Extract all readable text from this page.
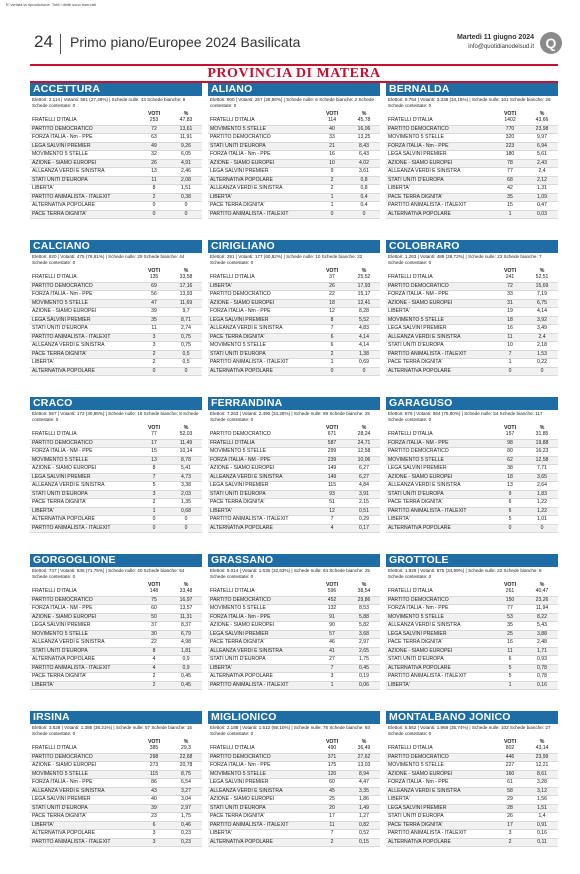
E' vietata la riproduzione. Tutti i diritti sono riservati
24 Primo piano/Europee 2024 Basilicata	Martedì 11 giugno 2024
info@quotidianodelsud.it Q
PROVINCIA DI MATERA
ACCETTURA
Elettori: 2.114 | Votanti: 581 (27,48%) | Schede nulle: 43 Schede bianche: 9 Schede contestate: 0
VOTI	%
FRATELLI D'ITALIA	253	47,83
PARTITO DEMOCRATICO	72	13,61
FORZA ITALIA - Nm - PPE	63	11,91
LEGA SALVINI PREMIER	49	9,26
MOVIMENTO 5 STELLE	32	6,05
AZIONE - SIAMO EUROPEI	26	4,91
ALLEANZA VERDI E SINISTRA	13	2,46
STATI UNITI D'EUROPA	11	2,08
LIBERTA'	8	1,51
PARTITO ANIMALISTA - ITALEXIT	2	0,38
ALTERNATIVA POPOLARE	0	0
PACE TERRA DIGNITA'	0	0
ALIANO
Elettori: 900 | Votanti: 257 (28,56%) | Schede nulle: 6 Schede bianche: 2 Schede contestate: 0
VOTI	%
FRATELLI D'ITALIA	114	45,78
MOVIMENTO 5 STELLE	40	16,06
PARTITO DEMOCRATICO	33	13,25
STATI UNITI D'EUROPA	21	8,43
FORZA ITALIA - Nm - PPE	16	6,43
AZIONE - SIAMO EUROPEI	10	4,02
LEGA SALVINI PREMIER	9	3,61
ALTERNATIVA POPOLARE	2	0,8
ALLEANZA VERDI E SINISTRA	2	0,8
LIBERTA'	1	0,4
PACE TERRA DIGNITA'	1	0,4
PARTITO ANIMALISTA - ITALEXIT	0	0
BERNALDA
Elettori: 9.764 | Votanti: 3.338 (34,18%) | Schede nulle: 101 Schede bianche: 26 Schede contestate: 0
VOTI	%
FRATELLI D'ITALIA	1402	43,66
PARTITO DEMOCRATICO	770	23,98
MOVIMENTO 5 STELLE	320	9,97
FORZA ITALIA - Nm - PPE	223	6,94
LEGA SALVINI PREMIER	180	5,61
AZIONE - SIAMO EUROPEI	78	2,43
ALLEANZA VERDI E SINISTRA	77	2,4
STATI UNITI D'EUROPA	68	2,12
LIBERTA'	42	1,31
PACE TERRA DIGNITA'	35	1,09
PARTITO ANIMALISTA - ITALEXIT	15	0,47
ALTERNATIVA POPOLARE	1	0,03
CALCIANO
Elettori: 620 | Votanti: 475 (76,61%) | Schede nulle: 29 Schede bianche: 44 Schede contestate: 0
VOTI	%
FRATELLI D'ITALIA	135	33,58
PARTITO DEMOCRATICO	69	17,16
FORZA ITALIA - Nm - PPE	56	13,93
MOVIMENTO 5 STELLE	47	11,69
AZIONE - SIAMO EUROPEI	39	9,7
LEGA SALVINI PREMIER	35	8,71
STATI UNITI D'EUROPA	11	2,74
PARTITO ANIMALISTA - ITALEXIT	3	0,75
ALLEANZA VERDI E SINISTRA	3	0,75
PACE TERRA DIGNITA'	2	0,5
LIBERTA'	2	0,5
ALTERNATIVA POPOLARE	0	0
CIRIGLIANO
Elettori: 291 | Votanti: 177 (60,82%) | Schede nulle: 10 Schede bianche: 22 Schede contestate: 0
VOTI	%
FRATELLI D'ITALIA	37	25,52
LIBERTA'	26	17,93
PARTITO DEMOCRATICO	22	15,17
AZIONE - SIAMO EUROPEI	18	12,41
FORZA ITALIA - Nm - PPE	12	8,28
LEGA SALVINI PREMIER	8	5,52
ALLEANZA VERDI E SINISTRA	7	4,83
PACE TERRA DIGNITA'	6	4,14
MOVIMENTO 5 STELLE	6	4,14
STATI UNITI D'EUROPA	2	1,38
PARTITO ANIMALISTA - ITALEXIT	1	0,69
ALTERNATIVA POPOLARE	0	0
COLOBRARO
Elettori: 1.263 | Votanti: 489 (38,72%) | Schede nulle: 23 Schede bianche: 7 Schede contestate: 0
VOTI	%
FRATELLI D'ITALIA	241	52,51
PARTITO DEMOCRATICO	72	15,69
FORZA ITALIA - NM - PPE	33	7,19
AZIONE - SIAMO EUROPEI	31	6,75
LIBERTA'	19	4,14
MOVIMENTO 5 STELLE	18	3,92
LEGA SALVINI PREMIER	16	3,49
ALLEANZA VERDI E SINISTRA	11	2,4
STATI UNITI D'EUROPA	10	2,18
PARTITO ANIMALISTA - ITALEXIT	7	1,53
PACE TERRA DIGNITA'	1	0,22
ALTERNATIVA POPOLARE	0	0
CRACO
Elettori: 557 | Votanti: 172 (30,88%) | Schede nulle: 16 Schede bianche: 8 Schede contestate: 0
VOTI	%
FRATELLI D'ITALIA	77	52,03
PARTITO DEMOCRATICO	17	11,49
FORZA ITALIA - NM - PPE	15	10,14
MOVIMENTO 5 STELLE	13	8,78
AZIONE - SIAMO EUROPEI	8	5,41
LEGA SALVINI PREMIER	7	4,73
ALLEANZA VERDI E SINISTRA	5	3,38
STATI UNITI D'EUROPA	3	2,03
PACE TERRA DIGNITA'	2	1,35
LIBERTA'	1	0,68
ALTERNATIVA POPOLARE	0	0
PARTITO ANIMALISTA - ITALEXIT	0	0
FERRANDINA
Elettori: 7.263 | Votanti: 2.490 (34,28%) | Schede nulle: 89 Schede bianche: 25 Schede contestate: 0
VOTI	%
PARTITO DEMOCRATICO	671	28,24
FRATELLI D'ITALIA	587	24,71
MOVIMENTO 5 STELLE	299	12,58
FORZA ITALIA - NM - PPE	239	10,06
AZIONE - SIAMO EUROPEI	149	6,27
ALLEANZA VERDI E SINISTRA	149	6,27
LEGA SALVINI PREMIER	115	4,84
STATI UNITI D'EUROPA	93	3,91
PACE TERRA DIGNITA'	51	2,15
LIBERTA'	12	0,51
PARTITO ANIMALISTA - ITALEXIT	7	0,29
ALTERNATIVA POPOLARE	4	0,17
GARAGUSO
Elettori: 876 | Votanti: 664 (75,80%) | Schede nulle: 54 Schede bianche: 117 Schede contestate: 0
VOTI	%
FRATELLI D'ITALIA	157	31,85
FORZA ITALIA - NM - PPE	98	19,88
PARTITO DEMOCRATICO	80	16,23
MOVIMENTO 5 STELLE	62	12,58
LEGA SALVINI PREMIER	38	7,71
AZIONE - SIAMO EUROPEI	18	3,65
ALLEANZA VERDI E SINISTRA	13	2,64
STATI UNITI D'EUROPA	9	1,83
PACE TERRA DIGNITA'	6	1,22
PARTITO ANIMALISTA - ITALEXIT	6	1,22
LIBERTA'	5	1,01
ALTERNATIVA POPOLARE	0	0
GORGOGLIONE
Elettori: 747 | Votanti: 536 (71,75%) | Schede nulle: 40 Schede bianche: 54 Schede contestate: 0
VOTI	%
FRATELLI D'ITALIA	148	33,48
PARTITO DEMOCRATICO	75	16,97
FORZA ITALIA - NM - PPE	60	13,57
AZIONE - SIAMO EUROPEI	50	11,31
LEGA SALVINI PREMIER	37	8,37
MOVIMENTO 5 STELLE	30	6,79
ALLEANZA VERDI E SINISTRA	22	4,98
STATI UNITI D'EUROPA	8	1,81
ALTERNATIVA POPOLARE	4	0,9
PARTITO ANIMALISTA - ITALEXIT	4	0,9
PACE TERRA DIGNITA'	2	0,45
LIBERTA'	2	0,45
GRASSANO
Elettori: 5.014 | Votanti: 1.636 (32,63%) | Schede nulle: 64 Schede bianche: 25 Schede contestate: 0
VOTI	%
FRATELLI D'ITALIA	596	38,54
PARTITO DEMOCRATICO	452	29,86
MOVIMENTO 5 STELLE	132	8,53
FORZA ITALIA - Nm - PPE	91	5,88
AZIONE - SIAMO EUROPEI	90	5,82
LEGA SALVINI PREMIER	57	3,68
PACE TERRA DIGNITA'	46	2,97
ALLEANZA VERDI E SINISTRA	41	2,65
STATI UNITI D'EUROPA	27	1,75
LIBERTA'	7	0,45
ALTERNATIVA POPOLARE	3	0,19
PARTITO ANIMALISTA - ITALEXIT	1	0,06
GROTTOLE
Elettori: 1.929 | Votanti: 675 (34,99%) | Schede nulle: 22 Schede bianche: 8 Schede contestate: 0
VOTI	%
FRATELLI D'ITALIA	261	40,47
PARTITO DEMOCRATICO	150	23,26
FORZA ITALIA - Nm - PPE	77	11,94
MOVIMENTO 5 STELLE	53	8,22
ALLEANZA VERDI E SINISTRA	35	5,43
LEGA SALVINI PREMIER	25	3,88
PACE TERRA DIGNITA'	16	2,48
AZIONE - SIAMO EUROPEI	11	1,71
STATI UNITI D'EUROPA	6	0,93
ALTERNATIVA POPOLARE	5	0,78
PARTITO ANIMALISTA - ITALEXIT	5	0,78
LIBERTA'	1	0,16
IRSINA
Elettori: 3.828 | Votanti: 1.386 (36,21%) | Schede nulle: 57 Schede bianche: 15 Schede contestate: 0
VOTI	%
FRATELLI D'ITALIA	385	29,3
PARTITO DEMOCRATICO	298	22,68
AZIONE - SIAMO EUROPEI	273	20,78
MOVIMENTO 5 STELLE	115	8,75
FORZA ITALIA - Nm - PPE	86	6,54
ALLEANZA VERDI E SINISTRA	43	3,27
LEGA SALVINI PREMIER	40	3,04
STATI UNITI D'EUROPA	39	2,97
PACE TERRA DIGNITA'	23	1,75
LIBERTA'	6	0,46
ALTERNATIVA POPOLARE	3	0,23
PARTITO ANIMALISTA - ITALEXIT	3	0,23
MIGLIONICO
Elettori: 2.188 | Votanti: 1.512 (69,10%) | Schede nulle: 76 Schede bianche: 93 Schede contestate: 0
VOTI	%
FRATELLI D'ITALIA	490	36,49
PARTITO DEMOCRATICO	371	27,62
FORZA ITALIA - Nm - PPE	175	13,03
MOVIMENTO 5 STELLE	120	8,94
LEGA SALVINI PREMIER	60	4,47
ALLEANZA VERDI E SINISTRA	45	3,35
AZIONE - SIAMO EUROPEI	25	1,86
STATI UNITI D'EUROPA	20	1,49
PACE TERRA DIGNITA'	17	1,27
PARTITO ANIMALISTA - ITALEXIT	11	0,82
LIBERTA'	7	0,52
ALTERNATIVA POPOLARE	2	0,15
MONTALBANO JONICO
Elettori: 5.562 | Votanti: 1.968 (35,74%) | Schede nulle: 102 Schede bianche: 27 Schede contestate: 0
VOTI	%
FRATELLI D'ITALIA	802	43,14
PARTITO DEMOCRATICO	446	23,99
MOVIMENTO 5 STELLE	227	12,21
AZIONE - SIAMO EUROPEI	160	8,61
FORZA ITALIA - Nm - PPE	61	3,28
ALLEANZA VERDI E SINISTRA	58	3,12
LIBERTA'	29	1,56
LEGA SALVINI PREMIER	28	1,51
STATI UNITI D'EUROPA	26	1,4
PACE TERRA DIGNITA'	17	0,91
PARTITO ANIMALISTA - ITALEXIT	3	0,16
ALTERNATIVA POPOLARE	2	0,11
